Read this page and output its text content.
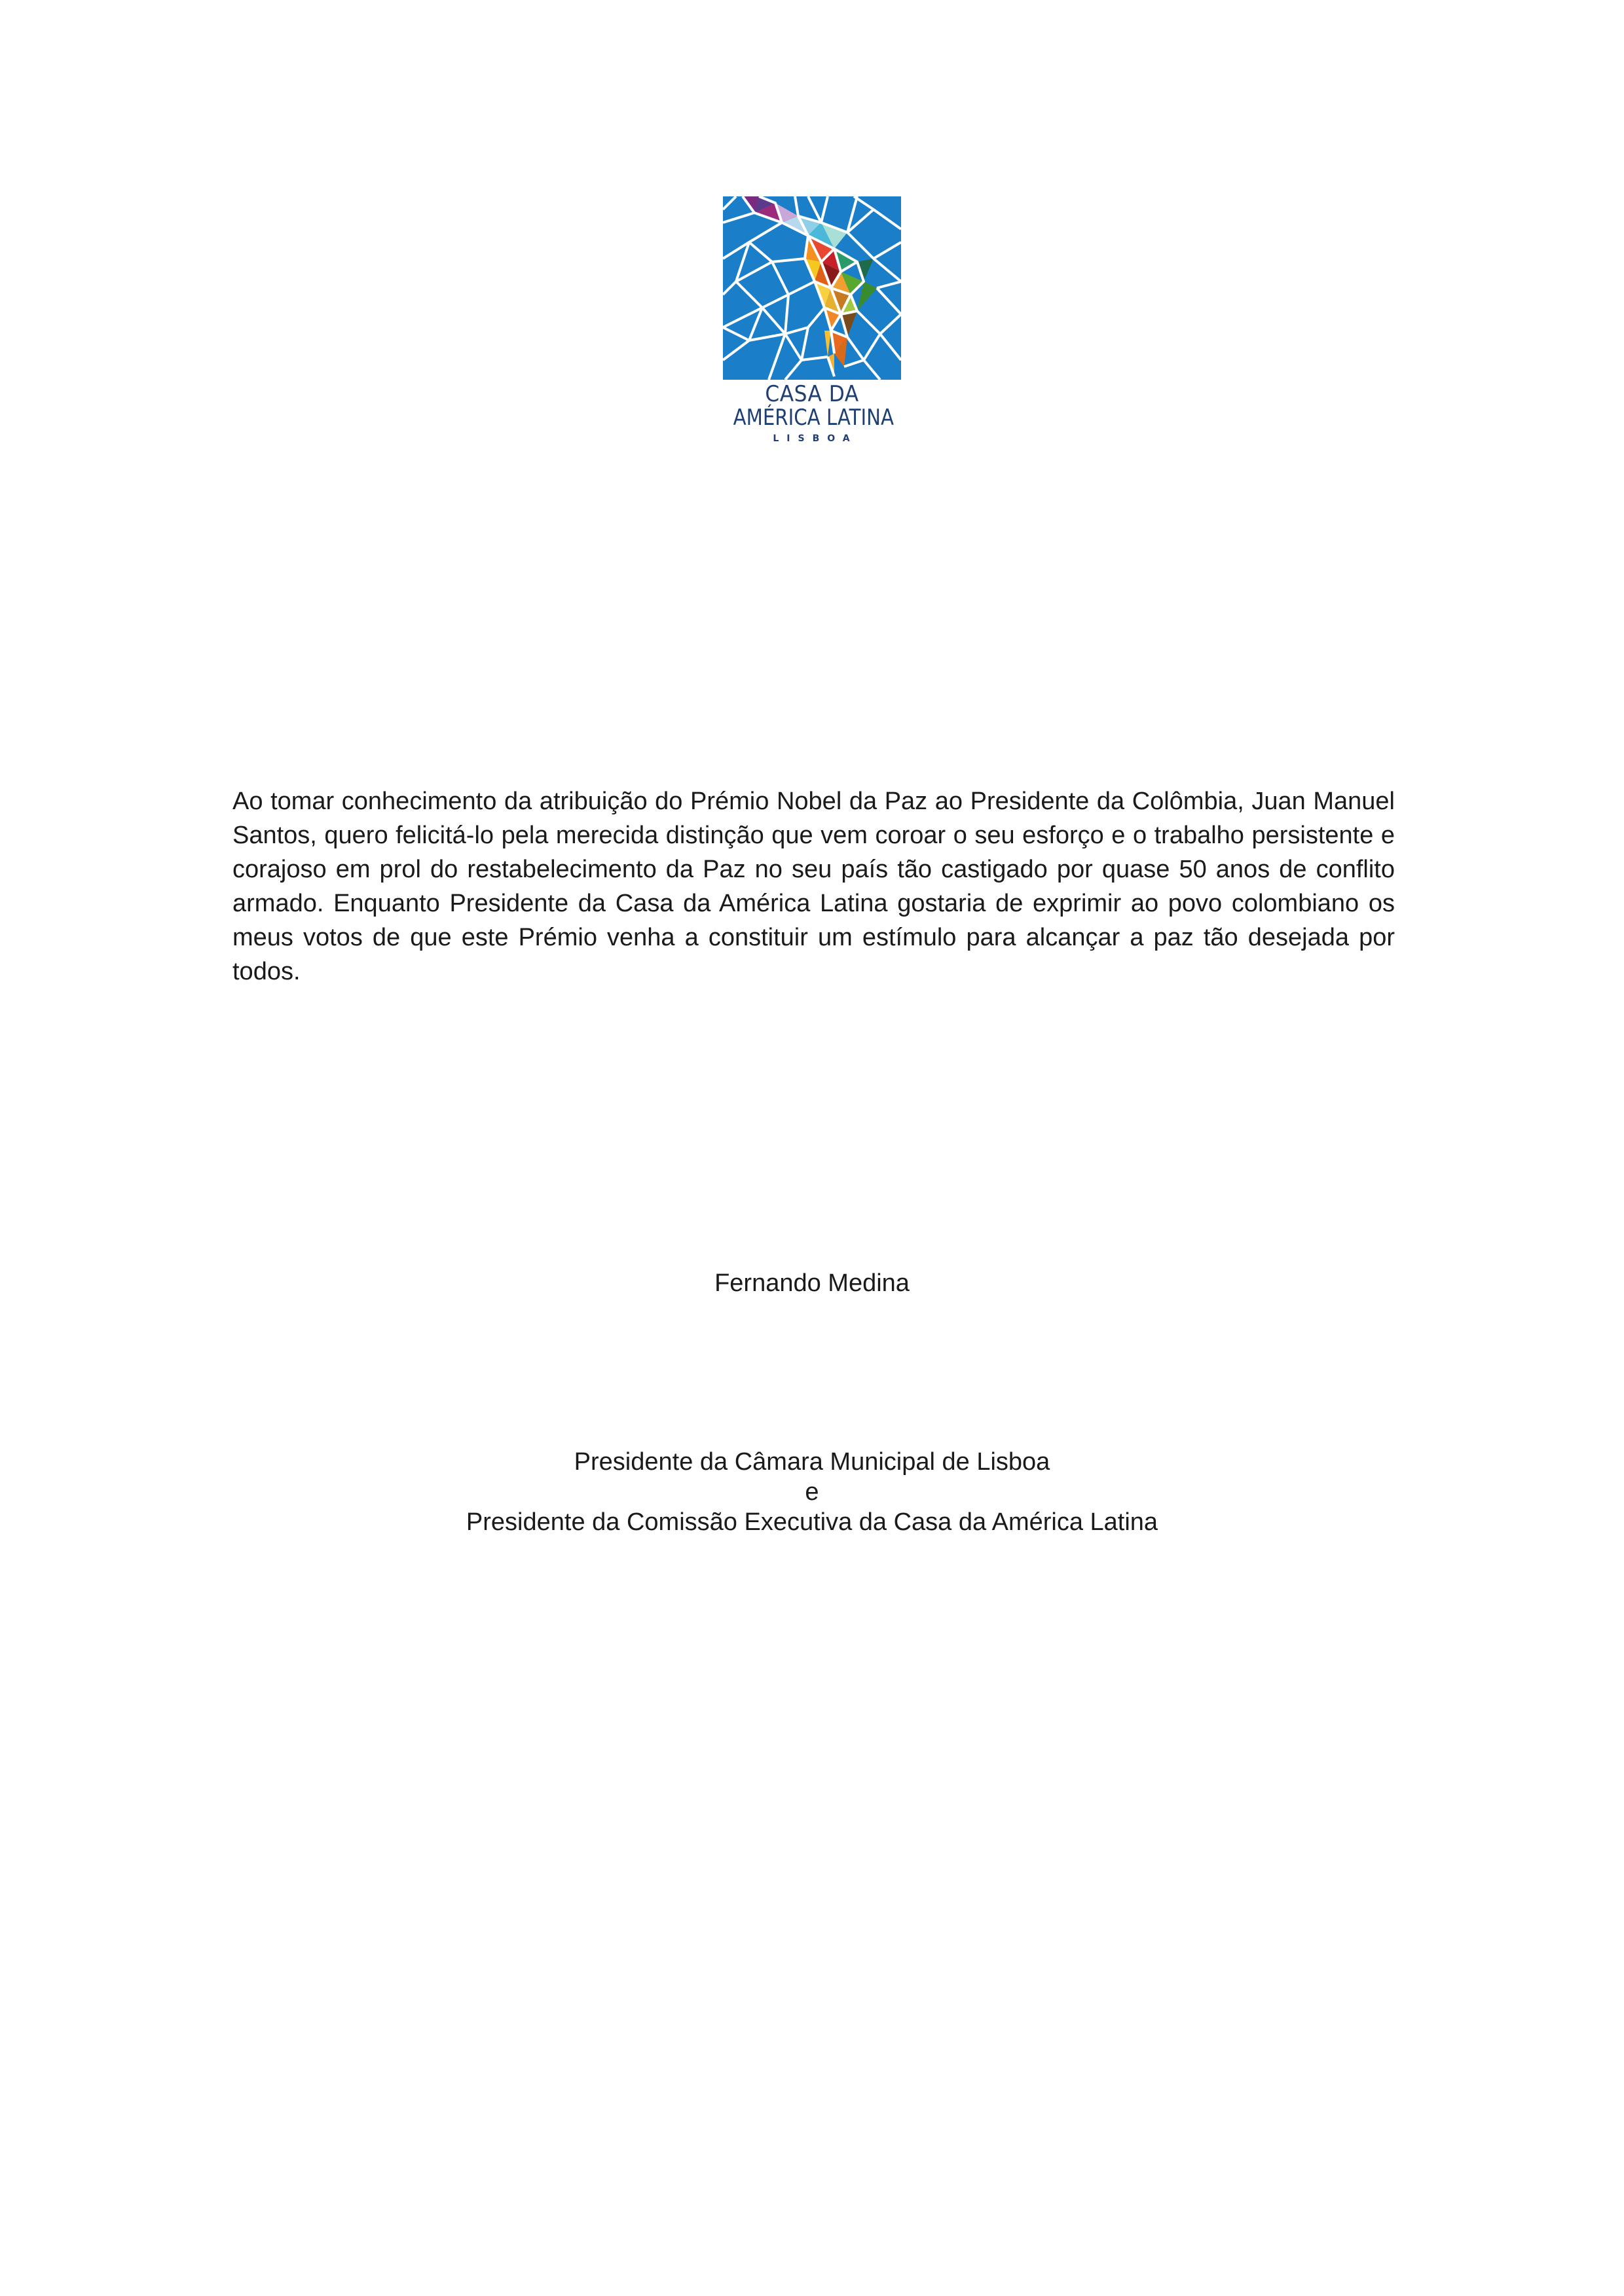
CASA DA
AMÉRICA LATINA
LISBOA

Ao tomar conhecimento da atribuição do Prémio Nobel da Paz ao Presidente da Colômbia, Juan Manuel Santos, quero felicitá-lo pela merecida distinção que vem coroar o seu esforço e o trabalho persistente e corajoso em prol do restabelecimento da Paz no seu país tão castigado por quase 50 anos de conflito armado. Enquanto Presidente da Casa da América Latina gostaria de exprimir ao povo colombiano os meus votos de que este Prémio venha a constituir um estímulo para alcançar a paz tão desejada por todos.

Fernando Medina

Presidente da Câmara Municipal de Lisboa
e
Presidente da Comissão Executiva da Casa da América Latina
